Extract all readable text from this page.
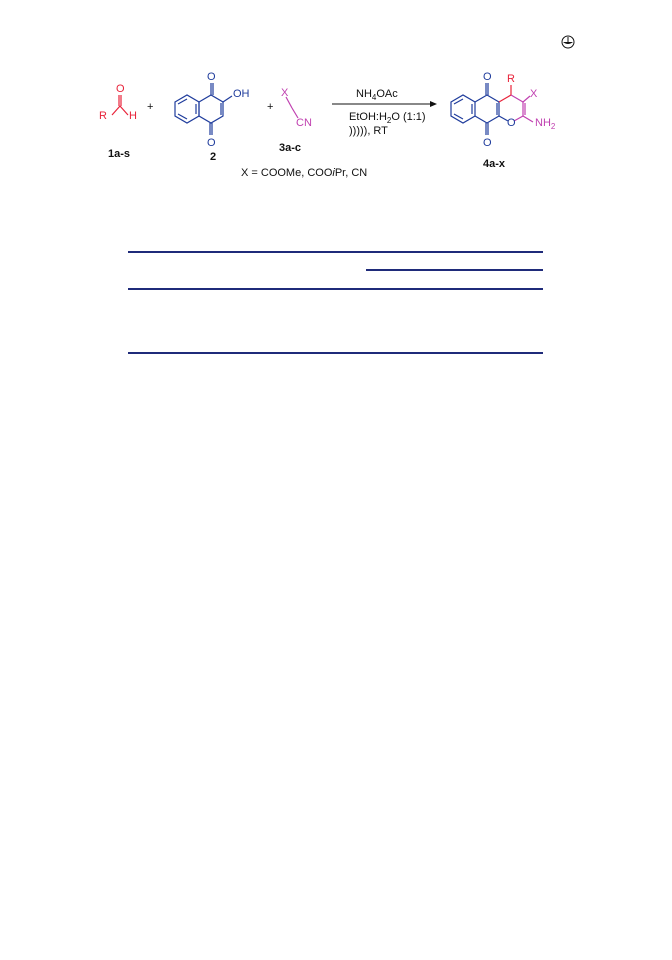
R H
O
1a-s
+
O
O
OH
2
+
X
CN
3a-c
$NH_4OAc$
$EtOH:H_2O$ (1:1)
))))), RT
O
O
O
R
X
$NH_2$
4a-x
X = COOMe, COOiPr, CN
